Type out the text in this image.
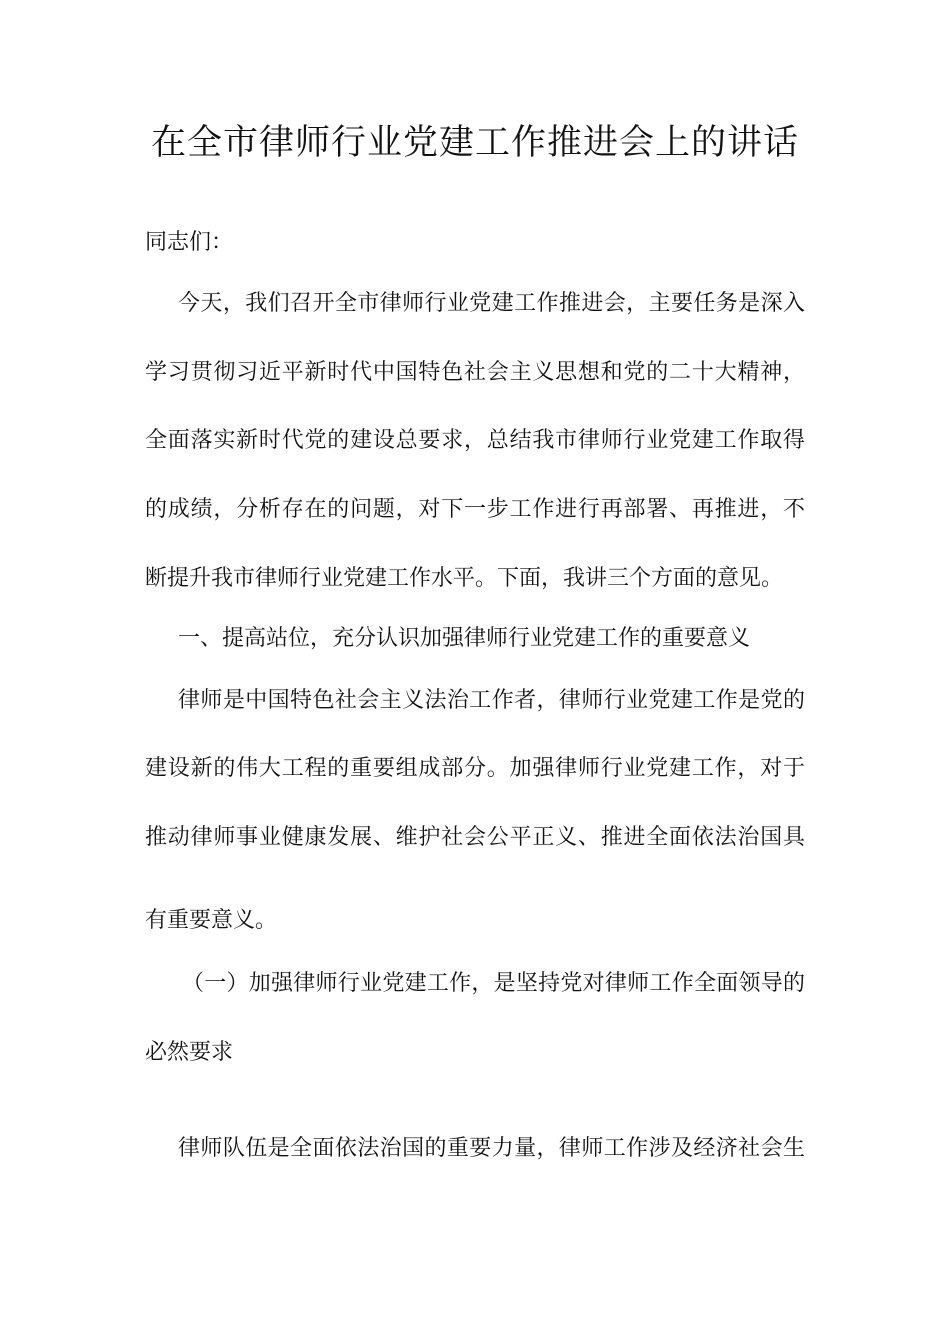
在全市律师行业党建工作推进会上的讲话
同志们：
今天，我们召开全市律师行业党建工作推进会，主要任务是深入
学习贯彻习近平新时代中国特色社会主义思想和党的二十大精神，
全面落实新时代党的建设总要求，总结我市律师行业党建工作取得
的成绩，分析存在的问题，对下一步工作进行再部署、再推进，不
断提升我市律师行业党建工作水平。下面，我讲三个方面的意见。
一、提高站位，充分认识加强律师行业党建工作的重要意义
律师是中国特色社会主义法治工作者，律师行业党建工作是党的
建设新的伟大工程的重要组成部分。加强律师行业党建工作，对于
推动律师事业健康发展、维护社会公平正义、推进全面依法治国具
有重要意义。
（一）加强律师行业党建工作，是坚持党对律师工作全面领导的
必然要求
律师队伍是全面依法治国的重要力量，律师工作涉及经济社会生
